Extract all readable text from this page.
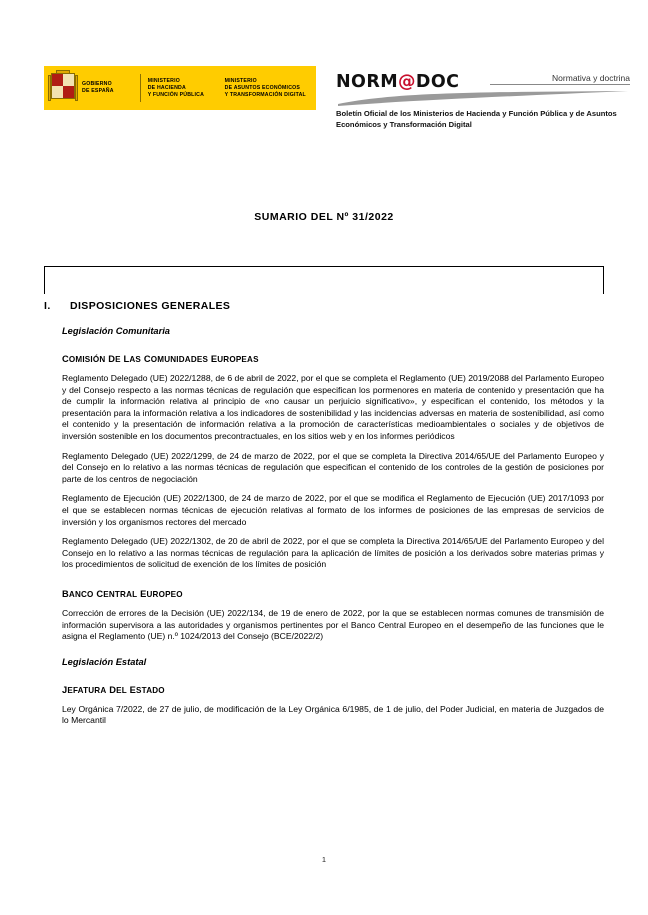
GOBIERNO
DE ESPAÑA
MINISTERIO
DE HACIENDA
Y FUNCIÓN PÚBLICA
MINISTERIO
DE ASUNTOS ECONÓMICOS
Y TRANSFORMACIÓN DIGITAL
NORM@DOC	Normativa y doctrina
Boletín Oficial de los Ministerios de Hacienda y Función Pública y de Asuntos Económicos y Transformación Digital
SUMARIO DEL Nº 31/2022
I. DISPOSICIONES GENERALES
Legislación Comunitaria
COMISIÓN DE LAS COMUNIDADES EUROPEAS
Reglamento Delegado (UE) 2022/1288, de 6 de abril de 2022, por el que se completa el Reglamento (UE) 2019/2088 del Parlamento Europeo y del Consejo respecto a las normas técnicas de regulación que especifican los pormenores en materia de contenido y presentación que ha de cumplir la información relativa al principio de «no causar un perjuicio significativo», y especifican el contenido, los métodos y la presentación para la información relativa a los indicadores de sostenibilidad y las incidencias adversas en materia de sostenibilidad, así como el contenido y la presentación de información relativa a la promoción de características medioambientales o sociales y de objetivos de inversión sostenible en los documentos precontractuales, en los sitios web y en los informes periódicos
Reglamento Delegado (UE) 2022/1299, de 24 de marzo de 2022, por el que se completa la Directiva 2014/65/UE del Parlamento Europeo y del Consejo en lo relativo a las normas técnicas de regulación que especifican el contenido de los controles de la gestión de posiciones por parte de los centros de negociación
Reglamento de Ejecución (UE) 2022/1300, de 24 de marzo de 2022, por el que se modifica el Reglamento de Ejecución (UE) 2017/1093 por el que se establecen normas técnicas de ejecución relativas al formato de los informes de posiciones de las empresas de servicios de inversión y los organismos rectores del mercado
Reglamento Delegado (UE) 2022/1302, de 20 de abril de 2022, por el que se completa la Directiva 2014/65/UE del Parlamento Europeo y del Consejo en lo relativo a las normas técnicas de regulación para la aplicación de límites de posición a los derivados sobre materias primas y los procedimientos de solicitud de exención de los límites de posición
BANCO CENTRAL EUROPEO
Corrección de errores de la Decisión (UE) 2022/134, de 19 de enero de 2022, por la que se establecen normas comunes de transmisión de información supervisora a las autoridades y organismos pertinentes por el Banco Central Europeo en el desempeño de las funciones que le asigna el Reglamento (UE) n.º 1024/2013 del Consejo (BCE/2022/2)
Legislación Estatal
JEFATURA DEL ESTADO
Ley Orgánica 7/2022, de 27 de julio, de modificación de la Ley Orgánica 6/1985, de 1 de julio, del Poder Judicial, en materia de Juzgados de lo Mercantil
1
